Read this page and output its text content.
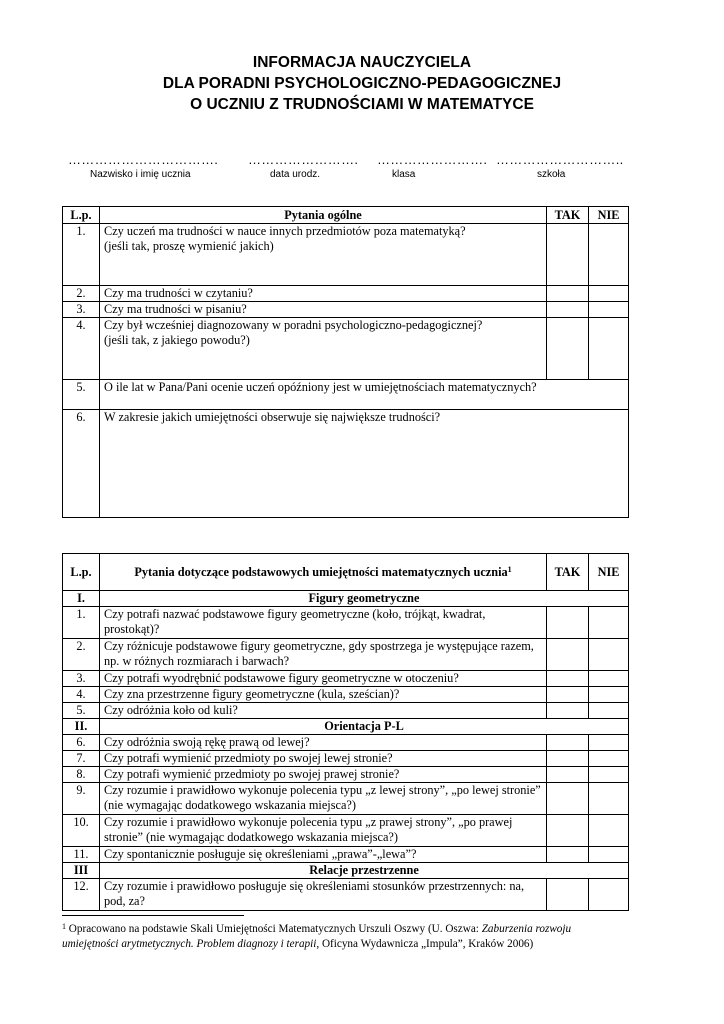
INFORMACJA NAUCZYCIELA
DLA PORADNI PSYCHOLOGICZNO-PEDAGOGICZNEJ
O UCZNIU Z TRUDNOŚCIAMI W MATEMATYCE
…………………………….
Nazwisko i imię ucznia
…………………….
data urodz.
…………………….
klasa
………………………..
szkoła
L.p.	Pytania ogólne	TAK	NIE
1.	Czy uczeń ma trudności w nauce innych przedmiotów poza matematyką?
(jeśli tak, proszę wymienić jakich)		

2.	Czy ma trudności w czytaniu?		
3.	Czy ma trudności w pisaniu?		
4.	Czy był wcześniej diagnozowany w poradni psychologiczno-pedagogicznej?
(jeśli tak, z jakiego powodu?)		

5.	O ile lat w Pana/Pani ocenie uczeń opóźniony jest w umiejętnościach matematycznych?		
6.	W zakresie jakich umiejętności obserwuje się największe trudności?		
L.p.	Pytania dotyczące podstawowych umiejętności matematycznych ucznia$^1$	TAK	NIE
I.	Figury geometryczne		
1.	Czy potrafi nazwać podstawowe figury geometryczne (koło, trójkąt, kwadrat, prostokąt)?		
2.	Czy różnicuje podstawowe figury geometryczne, gdy spostrzega je występujące razem, np. w różnych rozmiarach i barwach?		
3.	Czy potrafi wyodrębnić podstawowe figury geometryczne w otoczeniu?		
4.	Czy zna przestrzenne figury geometryczne (kula, sześcian)?		
5.	Czy odróżnia koło od kuli?		
II.	Orientacja P-L		
6.	Czy odróżnia swoją rękę prawą od lewej?		
7.	Czy potrafi wymienić przedmioty po swojej lewej stronie?		
8.	Czy potrafi wymienić przedmioty po swojej prawej stronie?		
9.	Czy rozumie i prawidłowo wykonuje polecenia typu „z lewej strony”, „po lewej stronie” (nie wymagając dodatkowego wskazania miejsca?)		
10.	Czy rozumie i prawidłowo wykonuje polecenia typu „z prawej strony”, „po prawej stronie” (nie wymagając dodatkowego wskazania miejsca?)		
11.	Czy spontanicznie posługuje się określeniami „prawa”-„lewa”?		
III	Relacje przestrzenne		
12.	Czy rozumie i prawidłowo posługuje się określeniami stosunków przestrzennych: na, pod, za?		
$^1$ Opracowano na podstawie Skali Umiejętności Matematycznych Urszuli Oszwy (U. Oszwa: Zaburzenia rozwoju umiejętności arytmetycznych. Problem diagnozy i terapii, Oficyna Wydawnicza „Impula”, Kraków 2006)
